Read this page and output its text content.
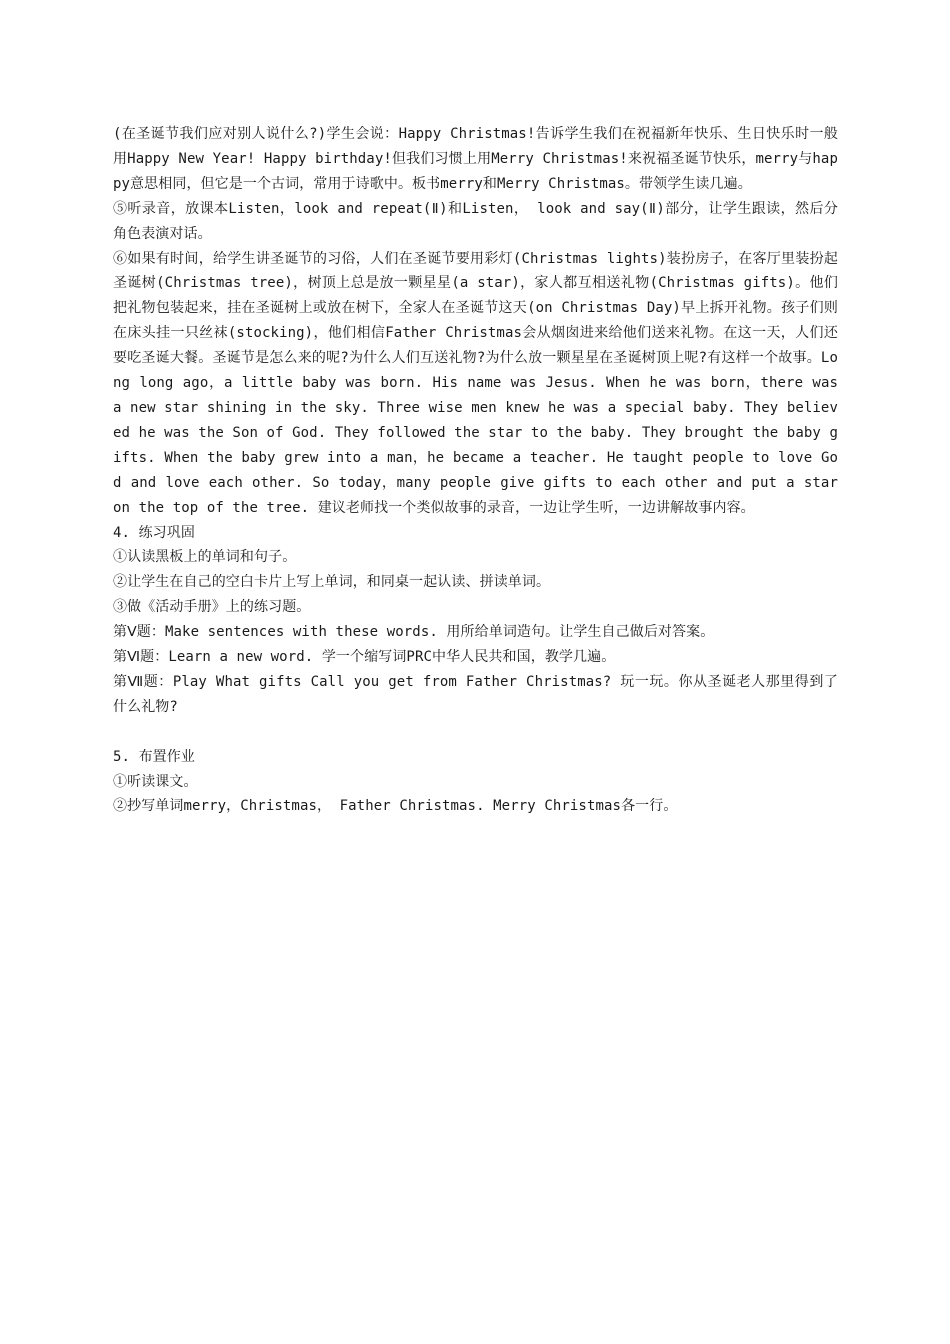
(在圣诞节我们应对别人说什么?)学生会说：Happy Christmas!告诉学生我们在祝福新年快乐、生日快乐时一般用Happy New Year! Happy birthday!但我们习惯上用Merry Christmas!来祝福圣诞节快乐，merry与happy意思相同，但它是一个古词，常用于诗歌中。板书merry和Merry Christmas。带领学生读几遍。

⑤听录音，放课本Listen，look and repeat(Ⅱ)和Listen， look and say(Ⅱ)部分，让学生跟读，然后分角色表演对话。

⑥如果有时间，给学生讲圣诞节的习俗，人们在圣诞节要用彩灯(Christmas lights)装扮房子，在客厅里装扮起圣诞树(Christmas tree)，树顶上总是放一颗星星(a star)，家人都互相送礼物(Christmas gifts)。他们把礼物包装起来，挂在圣诞树上或放在树下，全家人在圣诞节这天(on Christmas Day)早上拆开礼物。孩子们则在床头挂一只丝袜(stocking)，他们相信Father Christmas会从烟囱进来给他们送来礼物。在这一天，人们还要吃圣诞大餐。圣诞节是怎么来的呢?为什么人们互送礼物?为什么放一颗星星在圣诞树顶上呢?有这样一个故事。Long long ago，a little baby was born. His name was Jesus. When he was born，there was a new star shining in the sky. Three wise men knew he was a special baby. They believed he was the Son of God. They followed the star to the baby. They brought the baby gifts. When the baby grew into a man，he became a teacher. He taught people to love God and love each other. So today，many people give gifts to each other and put a star on the top of the tree. 建议老师找一个类似故事的录音，一边让学生听，一边讲解故事内容。

4. 练习巩固

①认读黑板上的单词和句子。

②让学生在自己的空白卡片上写上单词，和同桌一起认读、拼读单词。

③做《活动手册》上的练习题。

第Ⅴ题：Make sentences with these words. 用所给单词造句。让学生自己做后对答案。

第Ⅵ题：Learn a new word. 学一个缩写词PRC中华人民共和国，教学几遍。

第Ⅶ题：Play What gifts Call you get from Father Christmas? 玩一玩。你从圣诞老人那里得到了什么礼物?

5. 布置作业

①听读课文。

②抄写单词merry，Christmas， Father Christmas. Merry Christmas各一行。
